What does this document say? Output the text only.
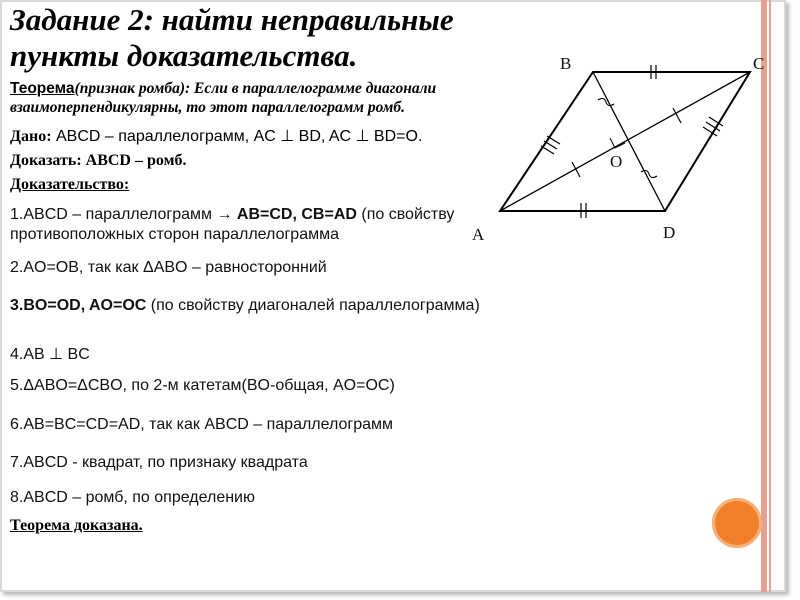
Задание 2: найти неправильные пункты доказательства.
Теорема(признак ромба): Если в параллелограмме диагонали взаимоперпендикулярны, то этот параллелограмм ромб.
Дано: ABCD – параллелограмм, AC ⊥ BD, AC ⊥ BD=O.
Доказать: ABCD – ромб.
Доказательство:
1.ABCD – параллелограмм → AB=CD, CB=AD (по свойству противоположных сторон параллелограмма
2.AO=OB, так как ΔABO – равносторонний
3.BO=OD, AO=OC (по свойству диагоналей параллелограмма)
4.AB ⊥ BC
5.ΔABO=ΔCBO, по 2-м катетам(BO-общая, AO=OC)
6.AB=BC=CD=AD, так как ABCD – параллелограмм
7.ABCD - квадрат, по признаку квадрата
8.ABCD – ромб, по определению
Теорема доказана.
B	C
A	D
O
